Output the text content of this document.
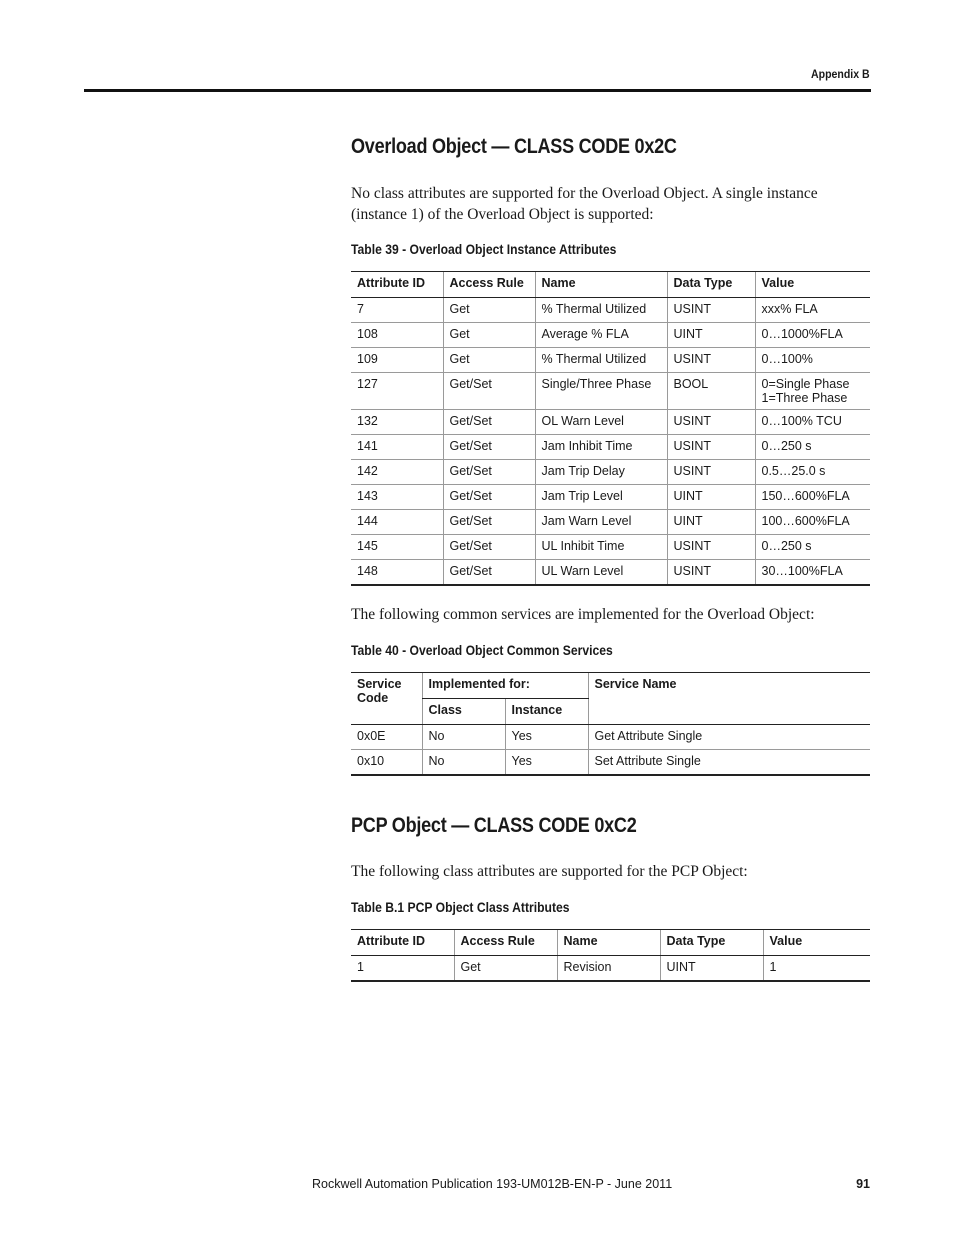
Appendix B
Overload Object — CLASS CODE 0x2C

No class attributes are supported for the Overload Object. A single instance (instance 1) of the Overload Object is supported:

Table 39 - Overload Object Instance Attributes
Attribute ID	Access Rule	Name	Data Type	Value
7	Get	% Thermal Utilized	USINT	xxx% FLA
108	Get	Average % FLA	UINT	0…1000%FLA
109	Get	% Thermal Utilized	USINT	0…100%
127	Get/Set	Single/Three Phase	BOOL	0=Single Phase
1=Three Phase

132	Get/Set	OL Warn Level	USINT	0…100% TCU
141	Get/Set	Jam Inhibit Time	USINT	0…250 s
142	Get/Set	Jam Trip Delay	USINT	0.5…25.0 s
143	Get/Set	Jam Trip Level	UINT	150…600%FLA
144	Get/Set	Jam Warn Level	UINT	100…600%FLA
145	Get/Set	UL Inhibit Time	USINT	0…250 s
148	Get/Set	UL Warn Level	USINT	30…100%FLA

The following common services are implemented for the Overload Object:

Table 40 - Overload Object Common Services
Service Code	Implemented for:		Service Name
	Class	Instance	
0x0E	No	Yes	Get Attribute Single
0x10	No	Yes	Set Attribute Single
PCP Object — CLASS CODE 0xC2

The following class attributes are supported for the PCP Object:

Table B.1 PCP Object Class Attributes
Attribute ID	Access Rule	Name	Data Type	Value
1	Get	Revision	UINT	1
Rockwell Automation Publication 193-UM012B-EN-P - June 2011	91
